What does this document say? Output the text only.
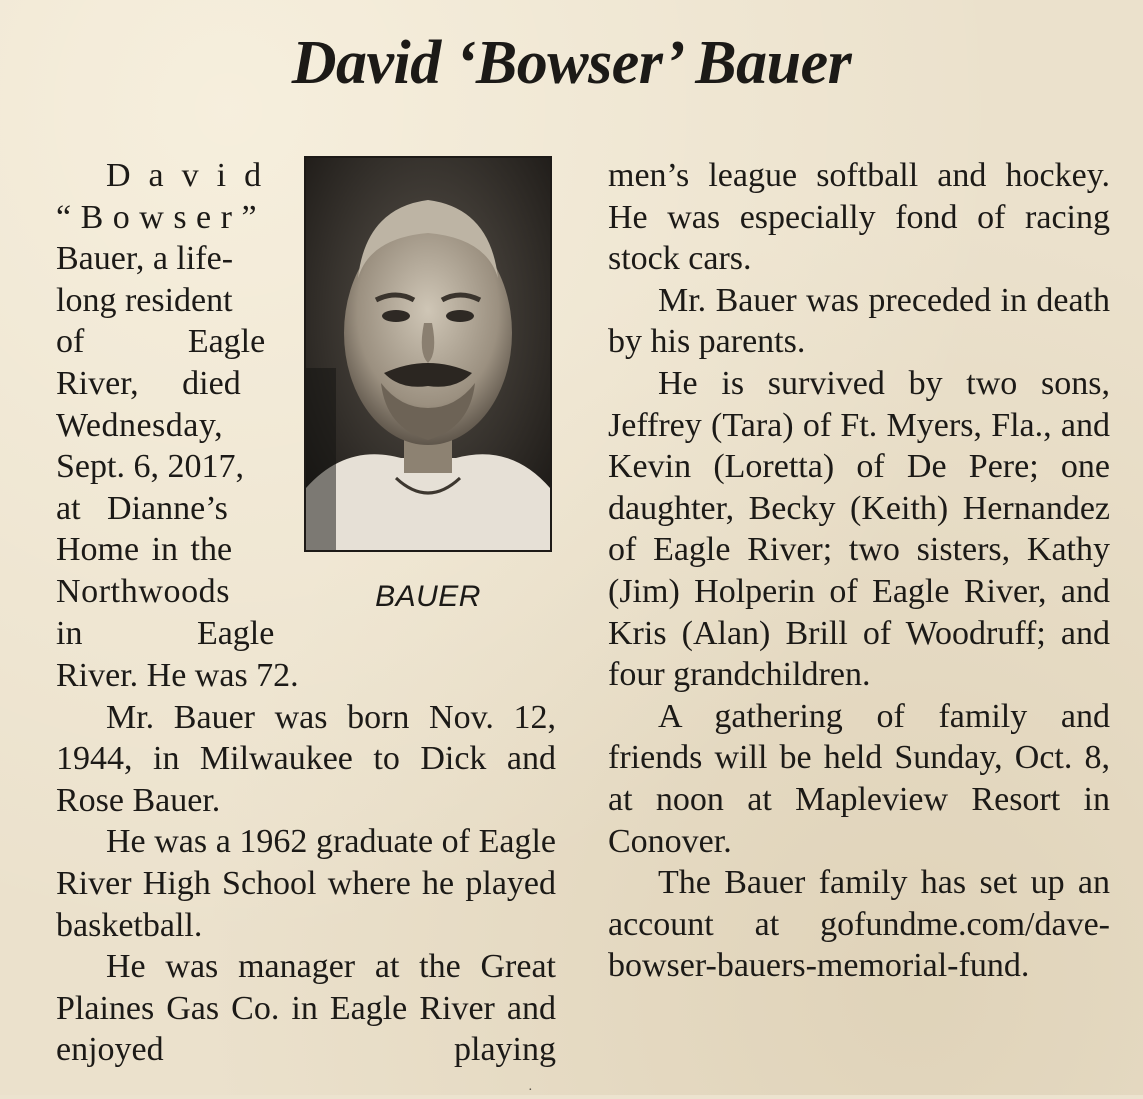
David ‘Bowser’ Bauer
David
“Bowser”
Bauer, a life-
long resident
of Eagle
River, died
Wednesday,
Sept. 6, 2017,
at Dianne’s
Home in the
Northwoods
in Eagle
BAUER

River. He was 72.

Mr. Bauer was born Nov. 12, 1944, in Milwaukee to Dick and Rose Bauer.

He was a 1962 graduate of Eagle River High School where he played basketball.

He was manager at the Great Plaines Gas Co. in Eagle River and enjoyed playing

men’s league softball and hockey. He was especially fond of racing stock cars.

Mr. Bauer was preceded in death by his parents.

He is survived by two sons, Jeffrey (Tara) of Ft. Myers, Fla., and Kevin (Loretta) of De Pere; one daughter, Becky (Keith) Hernandez of Eagle River; two sisters, Kathy (Jim) Holperin of Eagle River, and Kris (Alan) Brill of Woodruff; and four grandchildren.

A gathering of family and friends will be held Sunday, Oct. 8, at noon at Mapleview Resort in Conover.

The Bauer family has set up an account at gofundme.com/dave-bowser-bauers-memorial-fund.

·
